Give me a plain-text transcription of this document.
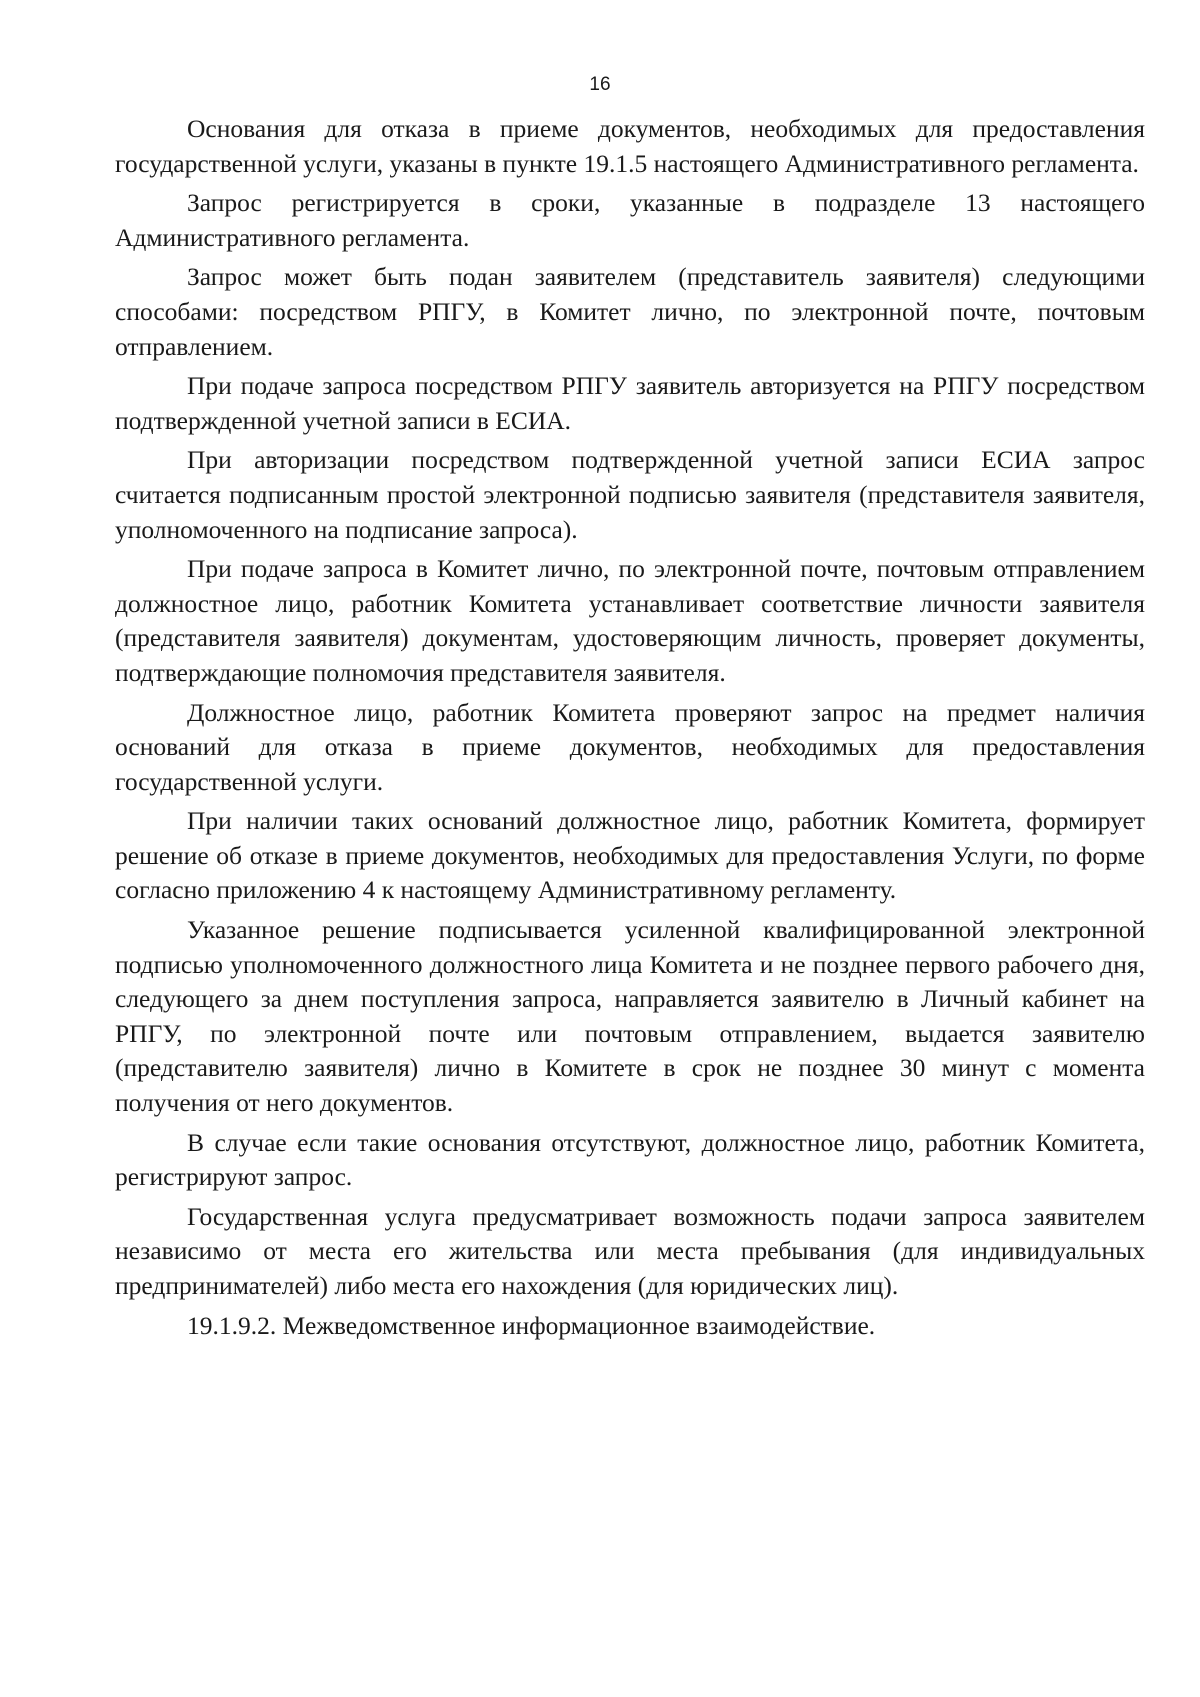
16

Основания для отказа в приеме документов, необходимых для предоставления государственной услуги, указаны в пункте 19.1.5 настоящего Административного регламента.

Запрос регистрируется в сроки, указанные в подразделе 13 настоящего Административного регламента.

Запрос может быть подан заявителем (представитель заявителя) следующими способами: посредством РПГУ, в Комитет лично, по электронной почте, почтовым отправлением.

При подаче запроса посредством РПГУ заявитель авторизуется на РПГУ посредством подтвержденной учетной записи в ЕСИА.

При авторизации посредством подтвержденной учетной записи ЕСИА запрос считается подписанным простой электронной подписью заявителя (представителя заявителя, уполномоченного на подписание запроса).

При подаче запроса в Комитет лично, по электронной почте, почтовым отправлением должностное лицо, работник Комитета устанавливает соответствие личности заявителя (представителя заявителя) документам, удостоверяющим личность, проверяет документы, подтверждающие полномочия представителя заявителя.

Должностное лицо, работник Комитета проверяют запрос на предмет наличия оснований для отказа в приеме документов, необходимых для предоставления государственной услуги.

При наличии таких оснований должностное лицо, работник Комитета, формирует решение об отказе в приеме документов, необходимых для предоставления Услуги, по форме согласно приложению 4 к настоящему Административному регламенту.

Указанное решение подписывается усиленной квалифицированной электронной подписью уполномоченного должностного лица Комитета и не позднее первого рабочего дня, следующего за днем поступления запроса, направляется заявителю в Личный кабинет на РПГУ, по электронной почте или почтовым отправлением, выдается заявителю (представителю заявителя) лично в Комитете в срок не позднее 30 минут с момента получения от него документов.

В случае если такие основания отсутствуют, должностное лицо, работник Комитета, регистрируют запрос.

Государственная услуга предусматривает возможность подачи запроса заявителем независимо от места его жительства или места пребывания (для индивидуальных предпринимателей) либо места его нахождения (для юридических лиц).

19.1.9.2. Межведомственное информационное взаимодействие.
